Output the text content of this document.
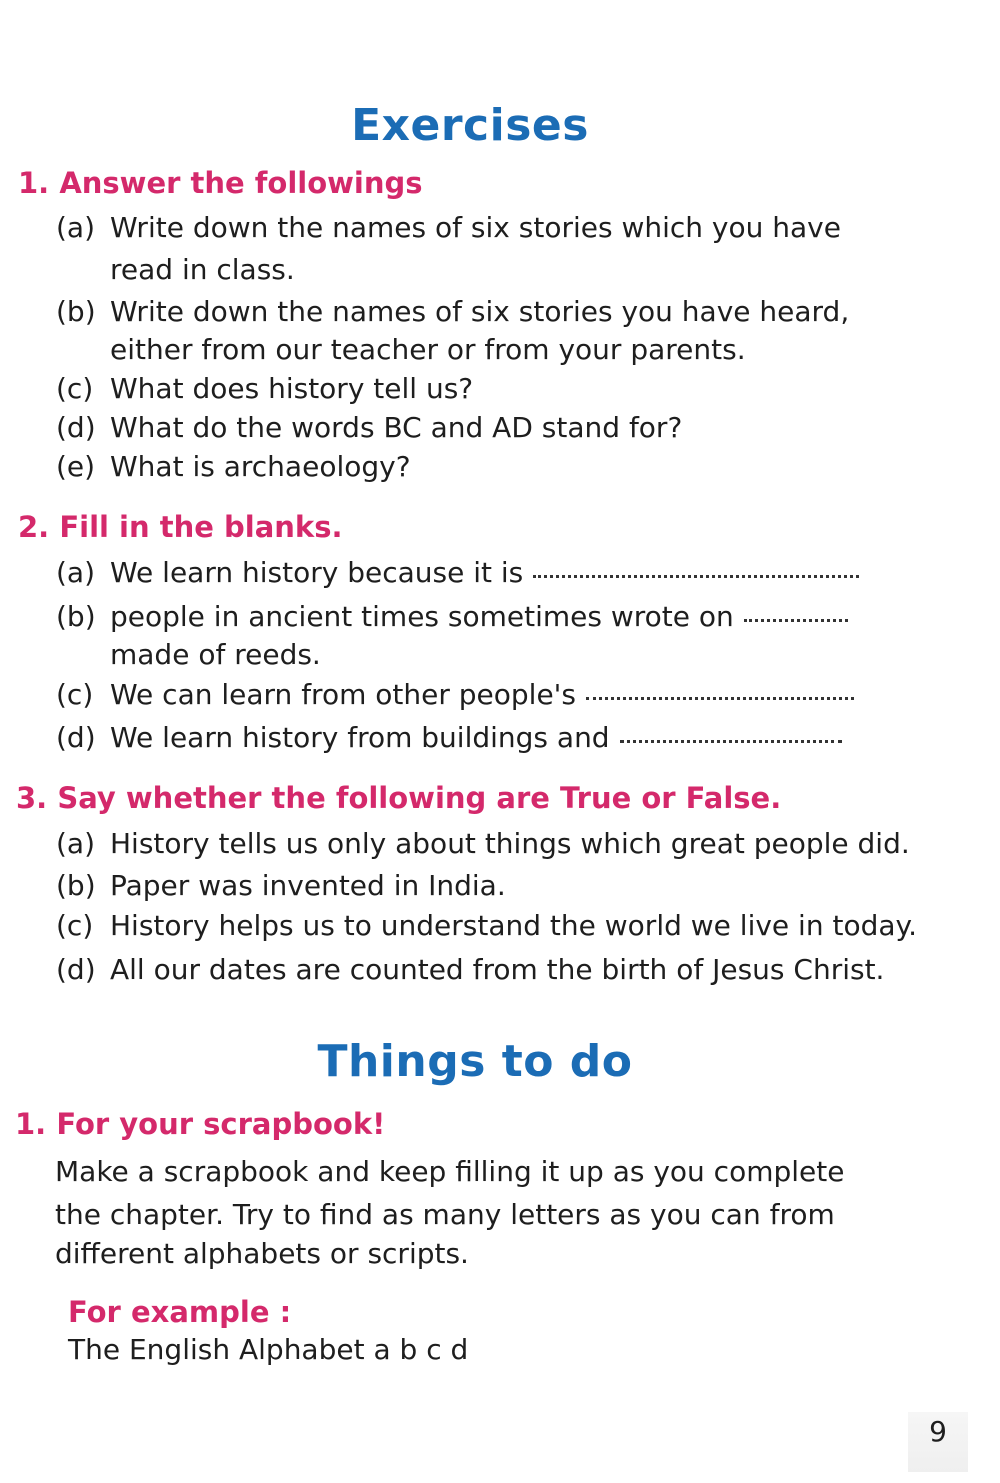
Exercises
1. Answer the followings
(a) Write down the names of six stories which you have
read in class.
(b) Write down the names of six stories you have heard,
either from our teacher or from your parents.
(c) What does history tell us?
(d) What do the words BC and AD stand for?
(e) What is archaeology?
2. Fill in the blanks.
(a) We learn history because it is
(b) people in ancient times sometimes wrote on
made of reeds.
(c) We can learn from other people's
(d) We learn history from buildings and
3. Say whether the following are True or False.
(a) History tells us only about things which great people did.
(b) Paper was invented in India.
(c) History helps us to understand the world we live in today.
(d) All our dates are counted from the birth of Jesus Christ.
Things to do
1. For your scrapbook!
Make a scrapbook and keep filling it up as you complete
the chapter. Try to find as many letters as you can from
different alphabets or scripts.
For example :
The English Alphabet a b c d
9
